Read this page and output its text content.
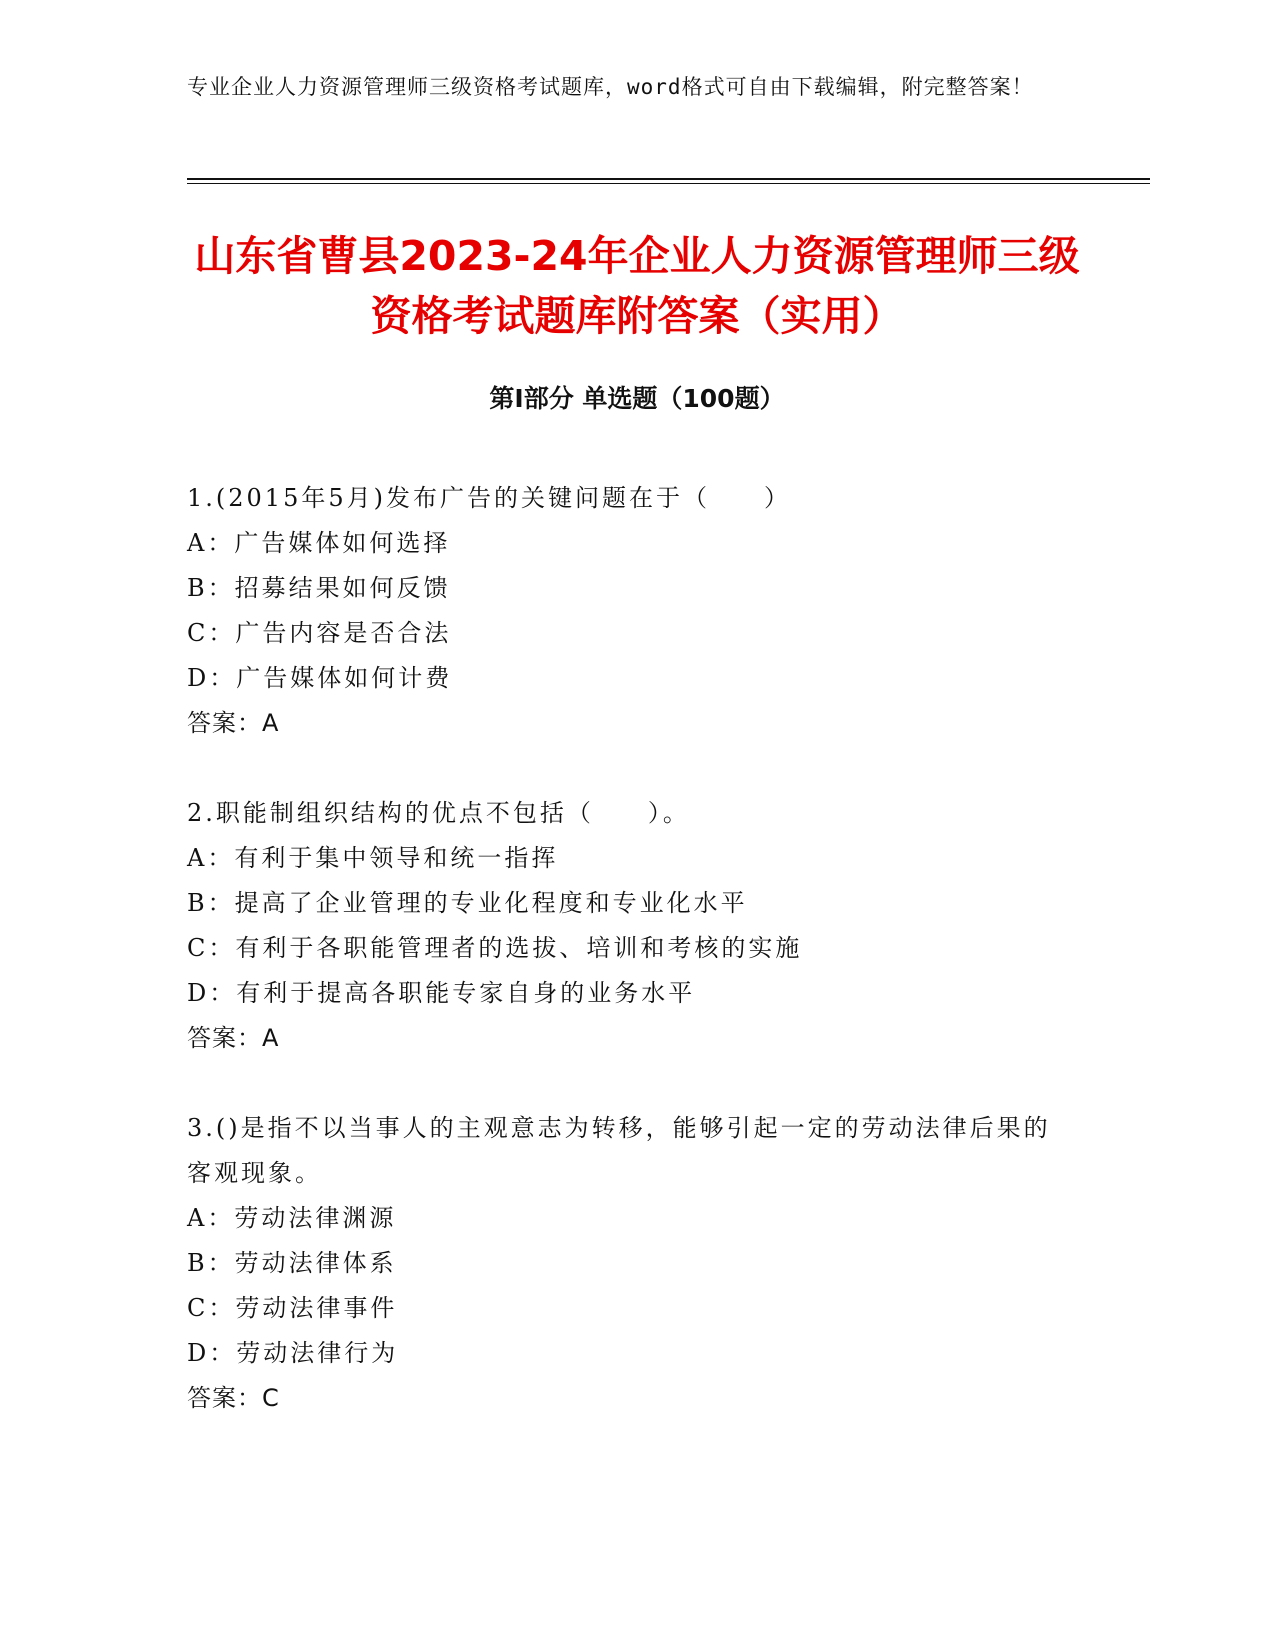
专业企业人力资源管理师三级资格考试题库，word格式可自由下载编辑，附完整答案！
山东省曹县2023-24年企业人力资源管理师三级资格考试题库附答案（实用）
第I部分 单选题（100题）
1.(2015年5月)发布广告的关键问题在于（　　）
A：广告媒体如何选择
B：招募结果如何反馈
C：广告内容是否合法
D：广告媒体如何计费
答案：A
2.职能制组织结构的优点不包括（　　）。
A：有利于集中领导和统一指挥
B：提高了企业管理的专业化程度和专业化水平
C：有利于各职能管理者的选拔、培训和考核的实施
D：有利于提高各职能专家自身的业务水平
答案：A
3.()是指不以当事人的主观意志为转移，能够引起一定的劳动法律后果的客观现象。
A：劳动法律渊源
B：劳动法律体系
C：劳动法律事件
D：劳动法律行为
答案：C
